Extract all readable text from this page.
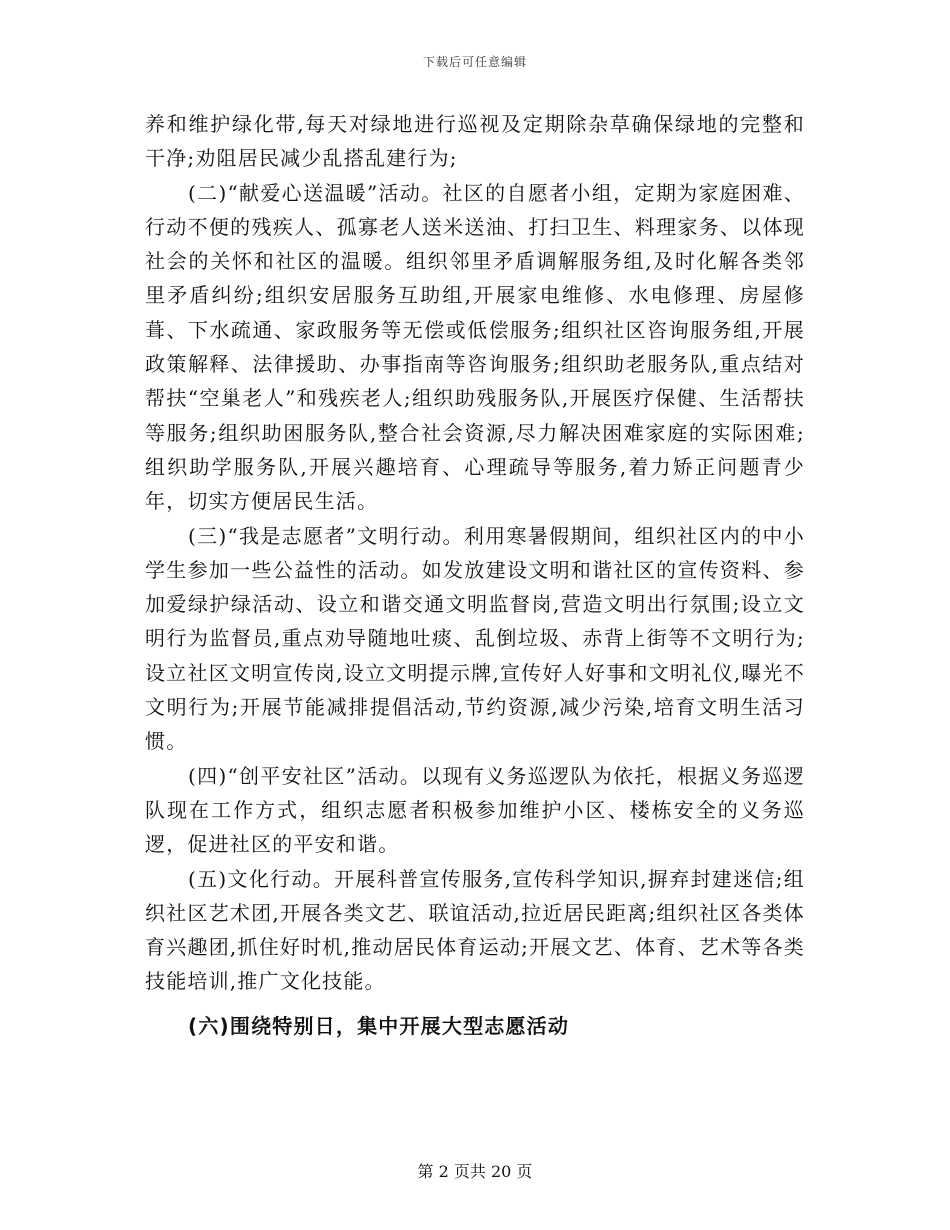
下载后可任意编辑

养和维护绿化带,每天对绿地进行巡视及定期除杂草确保绿地的完整和干净;劝阻居民减少乱搭乱建行为;

(二)“献爱心送温暖”活动。社区的自愿者小组，定期为家庭困难、行动不便的残疾人、孤寡老人送米送油、打扫卫生、料理家务、以体现社会的关怀和社区的温暖。组织邻里矛盾调解服务组,及时化解各类邻里矛盾纠纷;组织安居服务互助组,开展家电维修、水电修理、房屋修葺、下水疏通、家政服务等无偿或低偿服务;组织社区咨询服务组,开展政策解释、法律援助、办事指南等咨询服务;组织助老服务队,重点结对帮扶“空巢老人”和残疾老人;组织助残服务队,开展医疗保健、生活帮扶等服务;组织助困服务队,整合社会资源,尽力解决困难家庭的实际困难;组织助学服务队,开展兴趣培育、心理疏导等服务,着力矫正问题青少年，切实方便居民生活。

(三)“我是志愿者”文明行动。利用寒暑假期间，组织社区内的中小学生参加一些公益性的活动。如发放建设文明和谐社区的宣传资料、参加爱绿护绿活动、设立和谐交通文明监督岗,营造文明出行氛围;设立文明行为监督员,重点劝导随地吐痰、乱倒垃圾、赤背上街等不文明行为;设立社区文明宣传岗,设立文明提示牌,宣传好人好事和文明礼仪,曝光不文明行为;开展节能减排提倡活动,节约资源,减少污染,培育文明生活习惯。

(四)“创平安社区”活动。以现有义务巡逻队为依托，根据义务巡逻队现在工作方式，组织志愿者积极参加维护小区、楼栋安全的义务巡逻，促进社区的平安和谐。

(五)文化行动。开展科普宣传服务,宣传科学知识,摒弃封建迷信;组织社区艺术团,开展各类文艺、联谊活动,拉近居民距离;组织社区各类体育兴趣团,抓住好时机,推动居民体育运动;开展文艺、体育、艺术等各类技能培训,推广文化技能。

(六)围绕特别日，集中开展大型志愿活动

第 2 页共 20 页
